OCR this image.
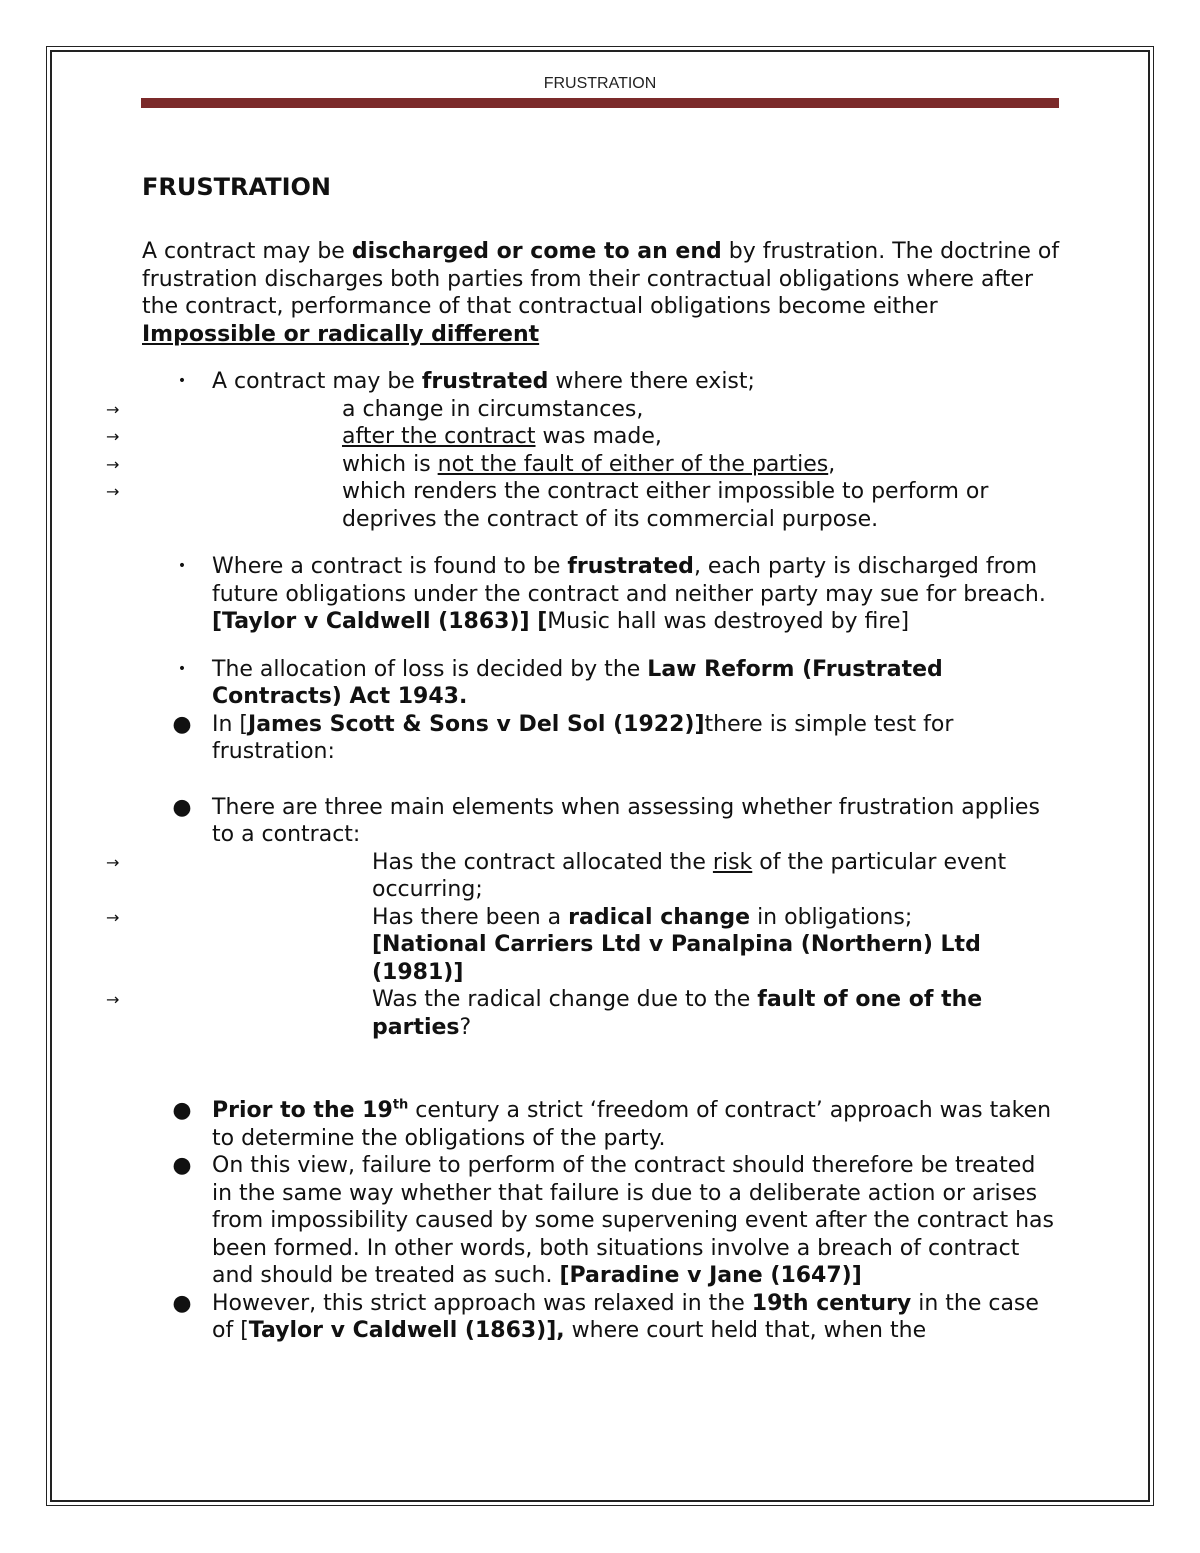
FRUSTRATION
FRUSTRATION

A contract may be discharged or come to an end by frustration. The doctrine of frustration discharges both parties from their contractual obligations where after the contract, performance of that contractual obligations become either Impossible or radically different

• A contract may be frustrated where there exist;

→	a change in circumstances,
→	after the contract was made,
→	which is not the fault of either of the parties,
→	which renders the contract either impossible to perform or deprives the contract of its commercial purpose.
• Where a contract is found to be frustrated, each party is discharged from future obligations under the contract and neither party may sue for breach.[Taylor v Caldwell (1863)] [Music hall was destroyed by fire]

• The allocation of loss is decided by the Law Reform (Frustrated Contracts) Act 1943.

● In [James Scott & Sons v Del Sol (1922)]there is simple test for frustration:

● There are three main elements when assessing whether frustration applies to a contract:

→	Has the contract allocated the risk of the particular event occurring;
→	Has there been a radical change in obligations;
[National Carriers Ltd v Panalpina (Northern) Ltd (1981)]
→	Was the radical change due to the fault of one of the parties?
● Prior to the 19th century a strict ‘freedom of contract’ approach was taken to determine the obligations of the party.

● On this view, failure to perform of the contract should therefore be treated in the same way whether that failure is due to a deliberate action or arises from impossibility caused by some supervening event after the contract has been formed. In other words, both situations involve a breach of contract and should be treated as such. [Paradine v Jane (1647)]

● However, this strict approach was relaxed in the 19th century in the case of [Taylor v Caldwell (1863)], where court held that, when the
